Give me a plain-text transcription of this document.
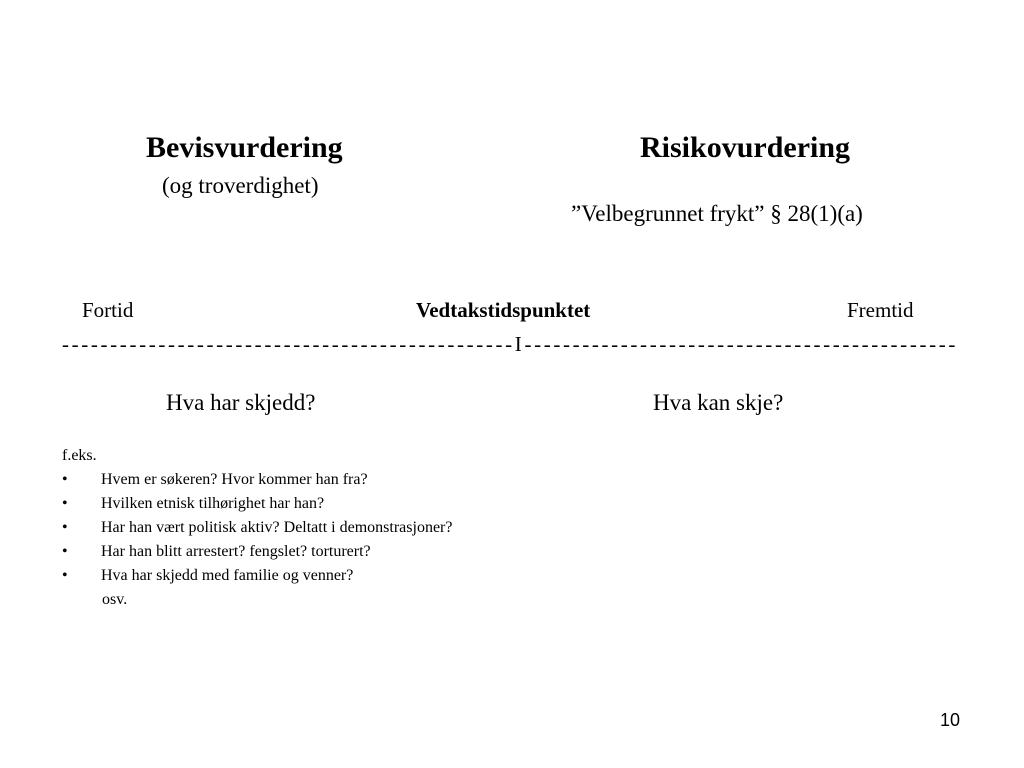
Bevisvurdering
(og troverdighet)
Risikovurdering
”Velbegrunnet frykt” § 28(1)(a)
Fortid	Vedtakstidspunktet	Fremtid
-----------------------------------------------I---------------------------------------------
Hva har skjedd?	Hva kan skje?
f.eks.
• Hvem er søkeren? Hvor kommer han fra?
• Hvilken etnisk tilhørighet har han?
• Har han vært politisk aktiv? Deltatt i demonstrasjoner?
• Har han blitt arrestert? fengslet? torturert?
• Hva har skjedd med familie og venner?
osv.
10
